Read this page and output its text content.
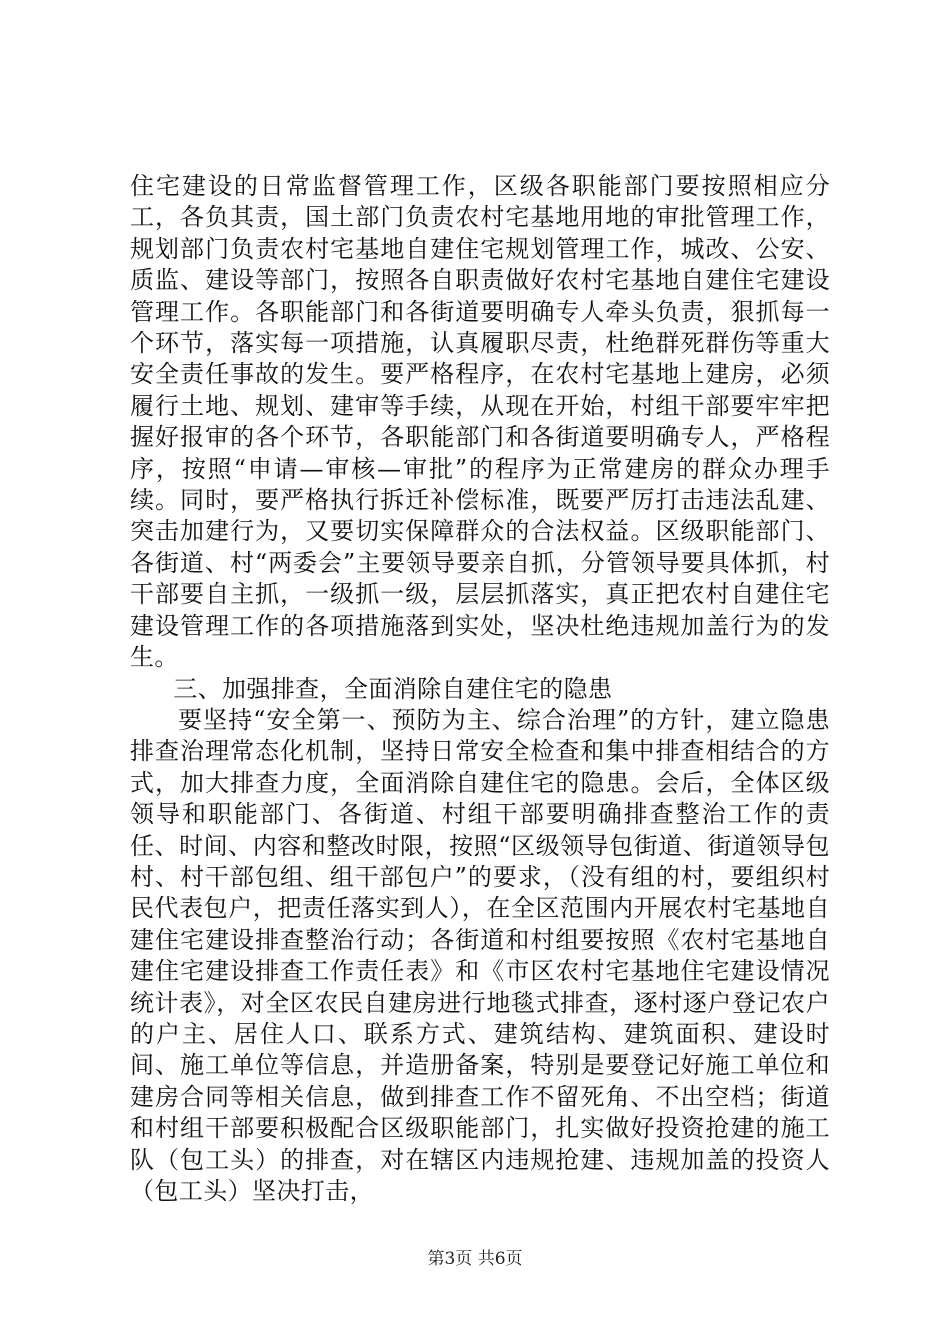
住宅建设的日常监督管理工作，区级各职能部门要按照相应分工，各负其责，国土部门负责农村宅基地用地的审批管理工作，规划部门负责农村宅基地自建住宅规划管理工作，城改、公安、质监、建设等部门，按照各自职责做好农村宅基地自建住宅建设管理工作。各职能部门和各街道要明确专人牵头负责，狠抓每一个环节，落实每一项措施，认真履职尽责，杜绝群死群伤等重大安全责任事故的发生。要严格程序，在农村宅基地上建房，必须履行土地、规划、建审等手续，从现在开始，村组干部要牢牢把握好报审的各个环节，各职能部门和各街道要明确专人，严格程序，按照“申请—审核—审批”的程序为正常建房的群众办理手续。同时，要严格执行拆迁补偿标准，既要严厉打击违法乱建、突击加建行为，又要切实保障群众的合法权益。区级职能部门、各街道、村“两委会”主要领导要亲自抓，分管领导要具体抓，村干部要自主抓，一级抓一级，层层抓落实，真正把农村自建住宅建设管理工作的各项措施落到实处，坚决杜绝违规加盖行为的发生。

三、加强排查，全面消除自建住宅的隐患

要坚持“安全第一、预防为主、综合治理”的方针，建立隐患排查治理常态化机制，坚持日常安全检查和集中排查相结合的方式，加大排查力度，全面消除自建住宅的隐患。会后，全体区级领导和职能部门、各街道、村组干部要明确排查整治工作的责任、时间、内容和整改时限，按照“区级领导包街道、街道领导包村、村干部包组、组干部包户”的要求，（没有组的村，要组织村民代表包户，把责任落实到人），在全区范围内开展农村宅基地自建住宅建设排查整治行动；各街道和村组要按照《农村宅基地自建住宅建设排查工作责任表》和《市区农村宅基地住宅建设情况统计表》，对全区农民自建房进行地毯式排查，逐村逐户登记农户的户主、居住人口、联系方式、建筑结构、建筑面积、建设时间、施工单位等信息，并造册备案，特别是要登记好施工单位和建房合同等相关信息，做到排查工作不留死角、不出空档；街道和村组干部要积极配合区级职能部门，扎实做好投资抢建的施工队（包工头）的排查，对在辖区内违规抢建、违规加盖的投资人（包工头）坚决打击，

第3页 共6页
